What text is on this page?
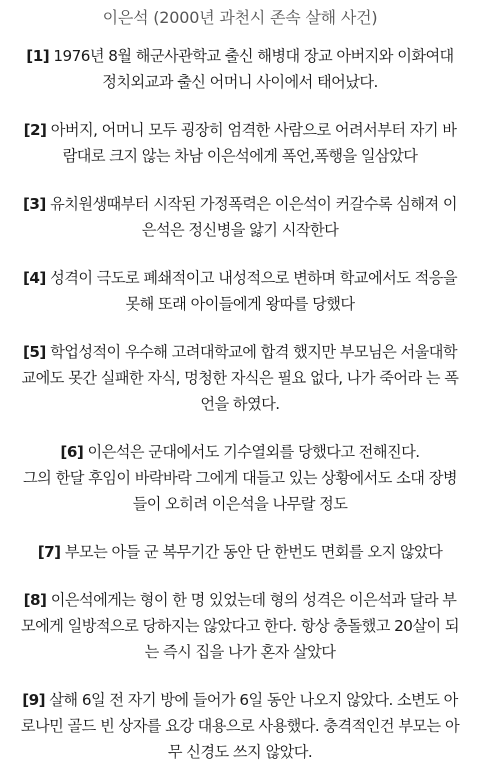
이은석 (2000년 과천시 존속 살해 사건)
[1] 1976년 8월 해군사관학교 출신 해병대 장교 아버지와 이화여대
정치외교과 출신 어머니 사이에서 태어났다.
[2] 아버지, 어머니 모두 굉장히 엄격한 사람으로 어려서부터 자기 바
람대로 크지 않는 차남 이은석에게 폭언,폭행을 일삼았다
[3] 유치원생때부터 시작된 가정폭력은 이은석이 커갈수록 심해져 이
은석은 정신병을 앓기 시작한다
[4] 성격이 극도로 폐쇄적이고 내성적으로 변하며 학교에서도 적응을
못해 또래 아이들에게 왕따를 당했다
[5] 학업성적이 우수해 고려대학교에 합격 했지만 부모님은 서울대학
교에도 못간 실패한 자식, 멍청한 자식은 필요 없다, 나가 죽어라 는 폭
언을 하였다.
[6] 이은석은 군대에서도 기수열외를 당했다고 전해진다.
그의 한달 후임이 바락바락 그에게 대들고 있는 상황에서도 소대 장병
들이 오히려 이은석을 나무랄 정도
[7] 부모는 아들 군 복무기간 동안 단 한번도 면회를 오지 않았다
[8] 이은석에게는 형이 한 명 있었는데 형의 성격은 이은석과 달라 부
모에게 일방적으로 당하지는 않았다고 한다. 항상 충돌했고 20살이 되
는 즉시 집을 나가 혼자 살았다
[9] 살해 6일 전 자기 방에 들어가 6일 동안 나오지 않았다. 소변도 아
로나민 골드 빈 상자를 요강 대용으로 사용했다. 충격적인건 부모는 아
무 신경도 쓰지 않았다.
